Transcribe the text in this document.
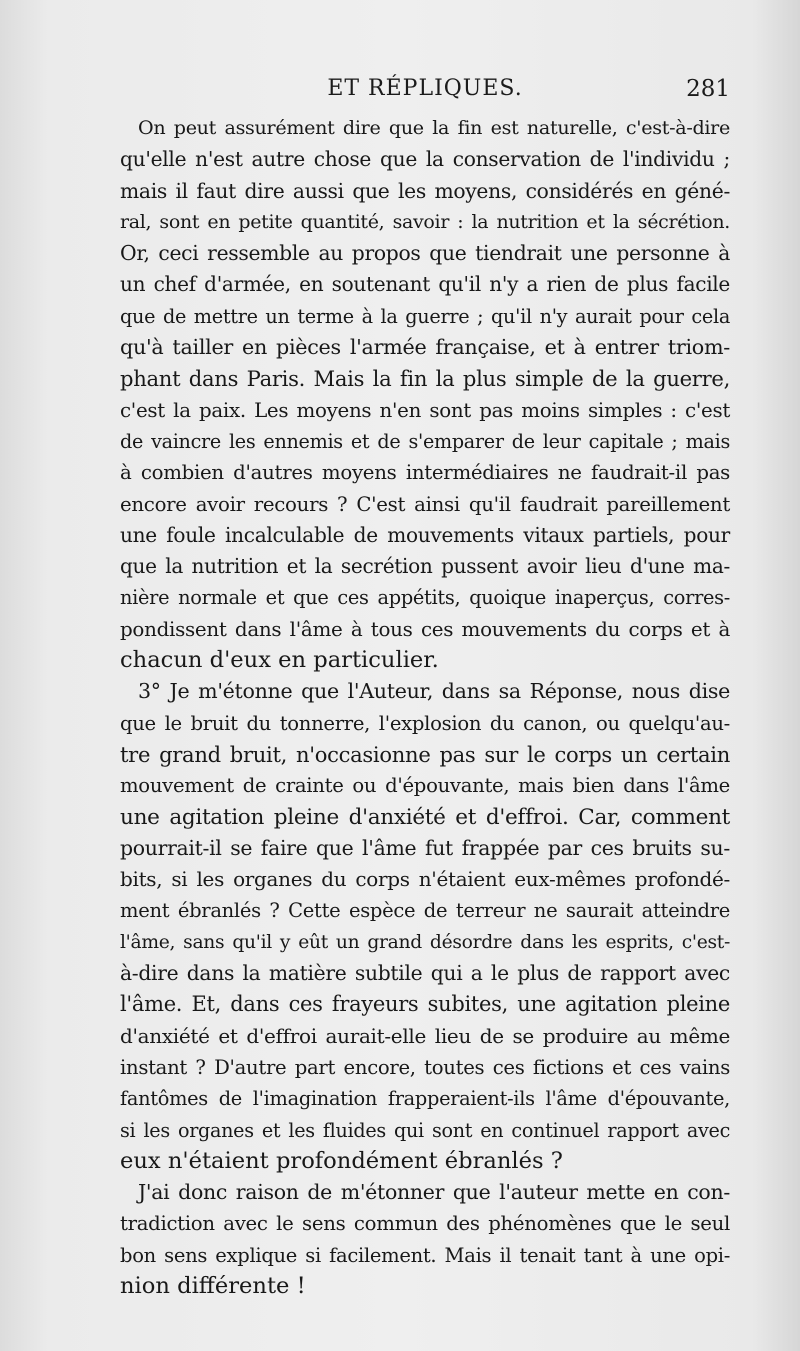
ET RÉPLIQUES.	281
On peut assurément dire que la fin est naturelle, c'est-à-dire
qu'elle n'est autre chose que la conservation de l'individu ;
mais il faut dire aussi que les moyens, considérés en géné-
ral, sont en petite quantité, savoir : la nutrition et la sécrétion.
Or, ceci ressemble au propos que tiendrait une personne à
un chef d'armée, en soutenant qu'il n'y a rien de plus facile
que de mettre un terme à la guerre ; qu'il n'y aurait pour cela
qu'à tailler en pièces l'armée française, et à entrer triom-
phant dans Paris. Mais la fin la plus simple de la guerre,
c'est la paix. Les moyens n'en sont pas moins simples : c'est
de vaincre les ennemis et de s'emparer de leur capitale ; mais
à combien d'autres moyens intermédiaires ne faudrait-il pas
encore avoir recours ? C'est ainsi qu'il faudrait pareillement
une foule incalculable de mouvements vitaux partiels, pour
que la nutrition et la secrétion pussent avoir lieu d'une ma-
nière normale et que ces appétits, quoique inaperçus, corres-
pondissent dans l'âme à tous ces mouvements du corps et à
chacun d'eux en particulier.
3° Je m'étonne que l'Auteur, dans sa Réponse, nous dise
que le bruit du tonnerre, l'explosion du canon, ou quelqu'au-
tre grand bruit, n'occasionne pas sur le corps un certain
mouvement de crainte ou d'épouvante, mais bien dans l'âme
une agitation pleine d'anxiété et d'effroi. Car, comment
pourrait-il se faire que l'âme fut frappée par ces bruits su-
bits, si les organes du corps n'étaient eux-mêmes profondé-
ment ébranlés ? Cette espèce de terreur ne saurait atteindre
l'âme, sans qu'il y eût un grand désordre dans les esprits, c'est-
à-dire dans la matière subtile qui a le plus de rapport avec
l'âme. Et, dans ces frayeurs subites, une agitation pleine
d'anxiété et d'effroi aurait-elle lieu de se produire au même
instant ? D'autre part encore, toutes ces fictions et ces vains
fantômes de l'imagination frapperaient-ils l'âme d'épouvante,
si les organes et les fluides qui sont en continuel rapport avec
eux n'étaient profondément ébranlés ?
J'ai donc raison de m'étonner que l'auteur mette en con-
tradiction avec le sens commun des phénomènes que le seul
bon sens explique si facilement. Mais il tenait tant à une opi-
nion différente !
